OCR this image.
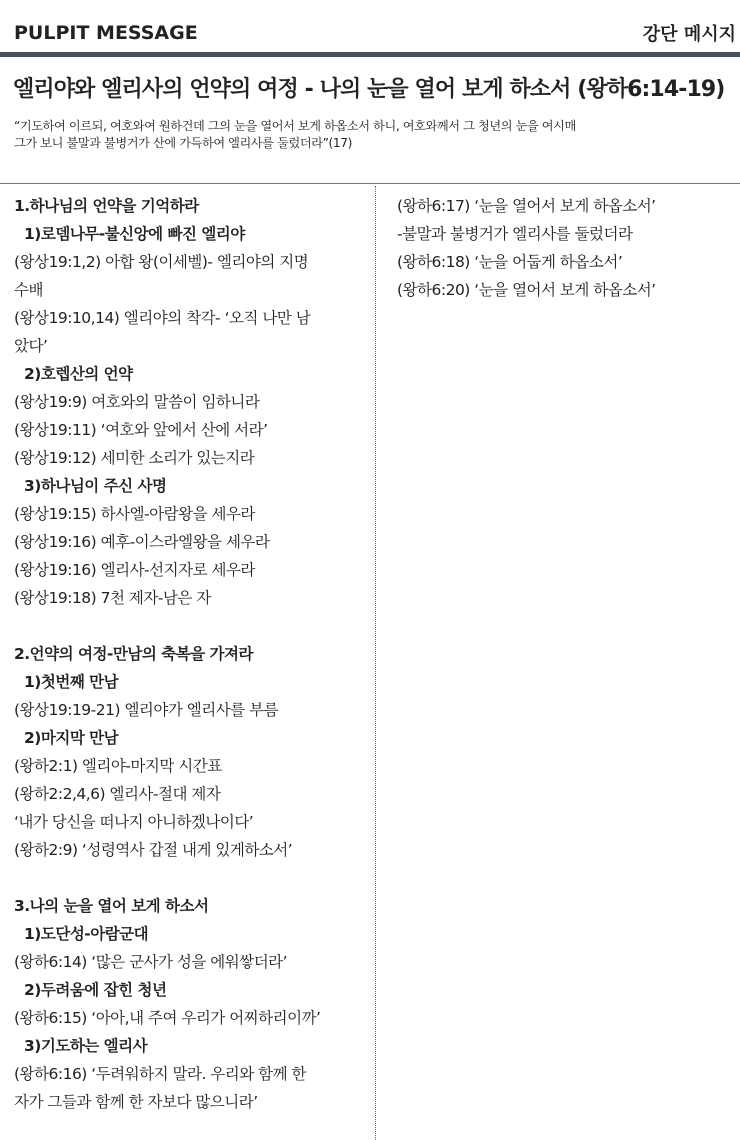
PULPIT MESSAGE	강단 메시지
엘리야와 엘리사의 언약의 여정 - 나의 눈을 열어 보게 하소서 (왕하6:14-19)
“기도하여 이르되, 여호와여 원하건데 그의 눈을 열어서 보게 하옵소서 하니, 여호와께서 그 청년의 눈을 여시매
그가 보니 불말과 불병거가 산에 가득하여 엘리사를 둘렀더라”(17)
1.하나님의 언약을 기억하라
1)로뎀나무-불신앙에 빠진 엘리야
(왕상19:1,2) 아합 왕(이세벨)- 엘리야의 지명
수배
(왕상19:10,14) 엘리야의 착각- ‘오직 나만 남
았다’
2)호렙산의 언약
(왕상19:9) 여호와의 말씀이 임하니라
(왕상19:11) ‘여호와 앞에서 산에 서라’
(왕상19:12) 세미한 소리가 있는지라
3)하나님이 주신 사명
(왕상19:15) 하사엘-아람왕을 세우라
(왕상19:16) 예후-이스라엘왕을 세우라
(왕상19:16) 엘리사-선지자로 세우라
(왕상19:18) 7천 제자-남은 자
2.언약의 여정-만남의 축복을 가져라
1)첫번째 만남
(왕상19:19-21) 엘리야가 엘리사를 부름
2)마지막 만남
(왕하2:1) 엘리야-마지막 시간표
(왕하2:2,4,6) 엘리사-절대 제자
‘내가 당신을 떠나지 아니하겠나이다’
(왕하2:9) ‘성령역사 갑절 내게 있게하소서’
3.나의 눈을 열어 보게 하소서
1)도단성-아람군대
(왕하6:14) ‘많은 군사가 성을 에워쌓더라’
2)두려움에 잡힌 청년
(왕하6:15) ‘아아,내 주여 우리가 어찌하리이까’
3)기도하는 엘리사
(왕하6:16) ‘두려워하지 말라. 우리와 함께 한
자가 그들과 함께 한 자보다 많으니라’
(왕하6:17) ‘눈을 열어서 보게 하옵소서’
-불말과 불병거가 엘리사를 둘렀더라
(왕하6:18) ‘눈을 어둡게 하옵소서’
(왕하6:20) ‘눈을 열어서 보게 하옵소서’
